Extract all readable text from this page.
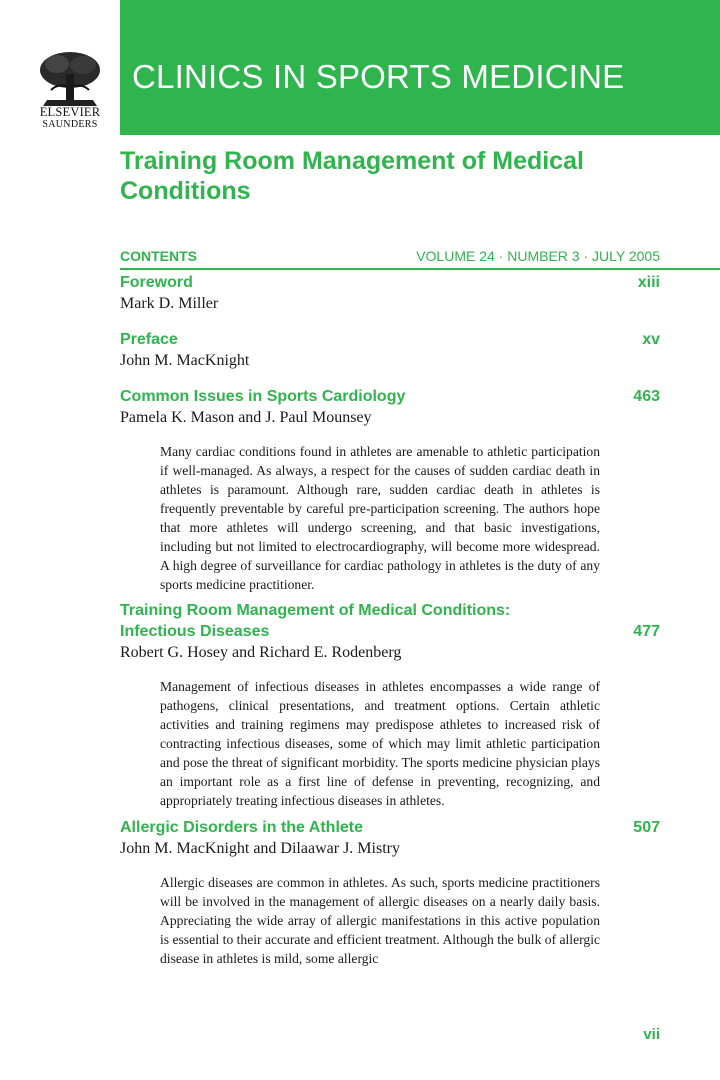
ELSEVIER
SAUNDERS
CLINICS IN SPORTS MEDICINE
Training Room Management of Medical Conditions
CONTENTS	VOLUME 24 · NUMBER 3 · JULY 2005
Foreword	xiii
Mark D. Miller
Preface	xv
John M. MacKnight
Common Issues in Sports Cardiology	463
Pamela K. Mason and J. Paul Mounsey
Many cardiac conditions found in athletes are amenable to athletic participation if well-managed. As always, a respect for the causes of sudden cardiac death in athletes is paramount. Although rare, sudden cardiac death in athletes is frequently preventable by careful pre-participation screening. The authors hope that more athletes will undergo screening, and that basic investigations, including but not limited to electrocardiography, will become more widespread. A high degree of surveillance for cardiac pathology in athletes is the duty of any sports medicine practitioner.
Training Room Management of Medical Conditions: Infectious Diseases	477
Robert G. Hosey and Richard E. Rodenberg
Management of infectious diseases in athletes encompasses a wide range of pathogens, clinical presentations, and treatment options. Certain athletic activities and training regimens may predispose athletes to increased risk of contracting infectious diseases, some of which may limit athletic participation and pose the threat of significant morbidity. The sports medicine physician plays an important role as a first line of defense in preventing, recognizing, and appropriately treating infectious diseases in athletes.
Allergic Disorders in the Athlete	507
John M. MacKnight and Dilaawar J. Mistry
Allergic diseases are common in athletes. As such, sports medicine practitioners will be involved in the management of allergic diseases on a nearly daily basis. Appreciating the wide array of allergic manifestations in this active population is essential to their accurate and efficient treatment. Although the bulk of allergic disease in athletes is mild, some allergic
vii
